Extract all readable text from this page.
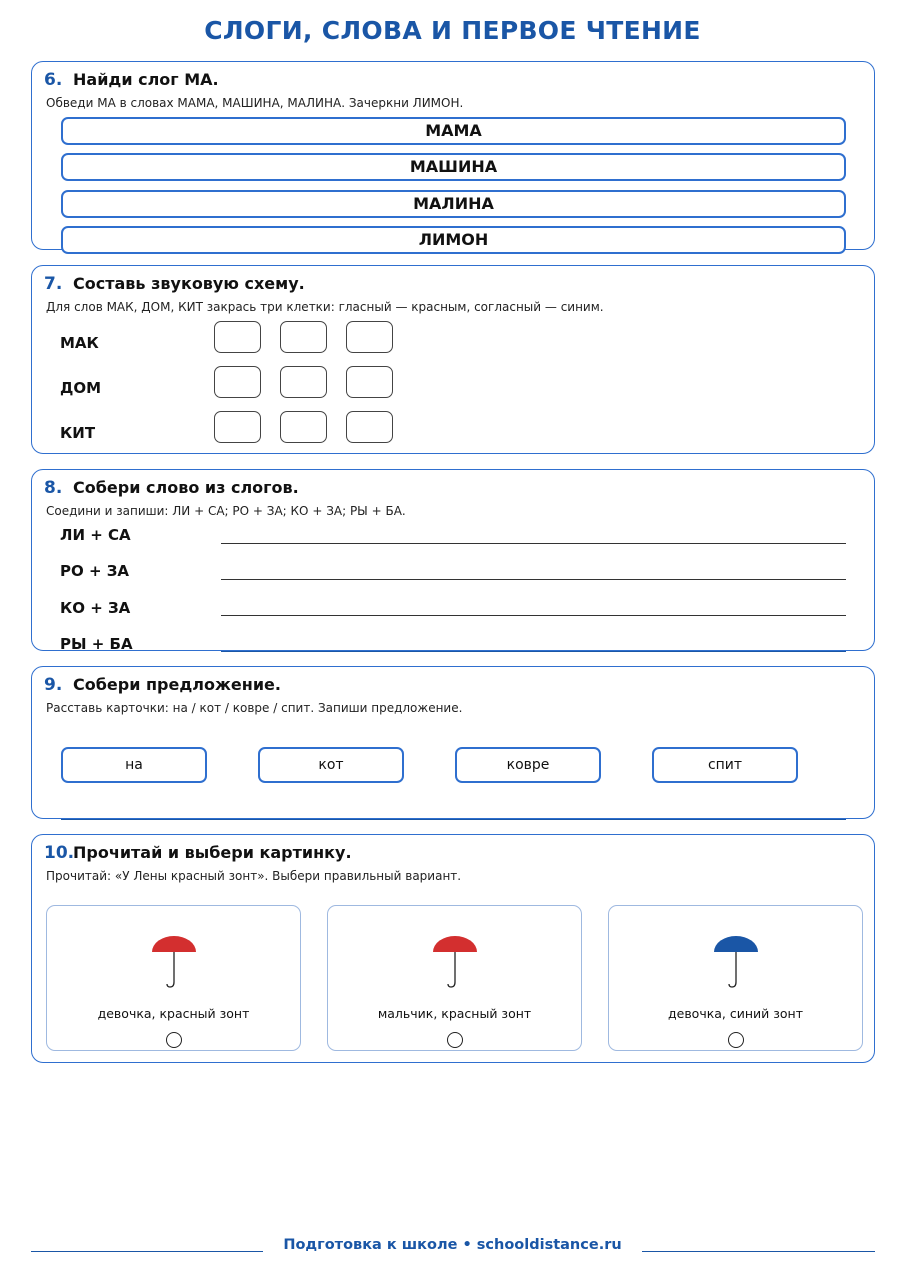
СЛОГИ, СЛОВА И ПЕРВОЕ ЧТЕНИЕ
6. Найди слог МА.
Обведи МА в словах МАМА, МАШИНА, МАЛИНА. Зачеркни ЛИМОН.
МАМА
МАШИНА
МАЛИНА
ЛИМОН
7. Составь звуковую схему.
Для слов МАК, ДОМ, КИТ закрась три клетки: гласный — красным, согласный — синим.
МАК
ДОМ
КИТ
8. Собери слово из слогов.
Соедини и запиши: ЛИ + СА; РО + ЗА; КО + ЗА; РЫ + БА.
ЛИ + СА
РО + ЗА
КО + ЗА
РЫ + БА
9. Собери предложение.
Расставь карточки: на / кот / ковре / спит. Запиши предложение.
на	кот	ковре	спит
10.
Прочитай и выбери картинку.
Прочитай: «У Лены красный зонт». Выбери правильный вариант.
девочка, красный зонт	мальчик, красный зонт	девочка, синий зонт
Подготовка к школе • schooldistance.ru
